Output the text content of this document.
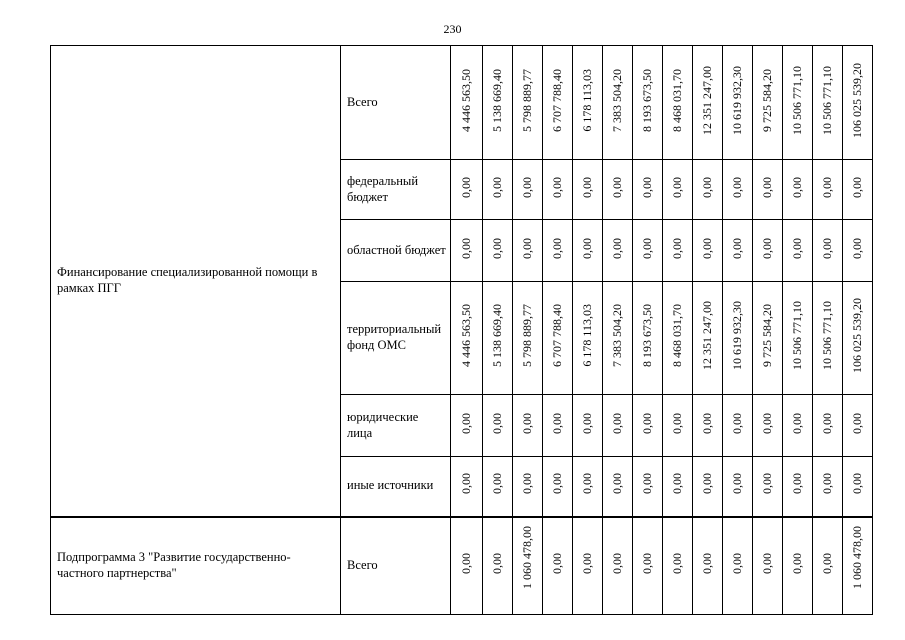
230
Финансирование специализированной помощи в рамках ПГГ	Всего	4 446 563,50	5 138 669,40	5 798 889,77	6 707 788,40	6 178 113,03	7 383 504,20	8 193 673,50	8 468 031,70	12 351 247,00	10 619 932,30	9 725 584,20	10 506 771,10	10 506 771,10	106 025 539,20
	федеральный бюджет	0,00	0,00	0,00	0,00	0,00	0,00	0,00	0,00	0,00	0,00	0,00	0,00	0,00	0,00
	областной бюджет	0,00	0,00	0,00	0,00	0,00	0,00	0,00	0,00	0,00	0,00	0,00	0,00	0,00	0,00
	территориальный фонд ОМС	4 446 563,50	5 138 669,40	5 798 889,77	6 707 788,40	6 178 113,03	7 383 504,20	8 193 673,50	8 468 031,70	12 351 247,00	10 619 932,30	9 725 584,20	10 506 771,10	10 506 771,10	106 025 539,20
	юридические лица	0,00	0,00	0,00	0,00	0,00	0,00	0,00	0,00	0,00	0,00	0,00	0,00	0,00	0,00
	иные источники	0,00	0,00	0,00	0,00	0,00	0,00	0,00	0,00	0,00	0,00	0,00	0,00	0,00	0,00
Подпрограмма 3 "Развитие государственно-частного партнерства"	Всего	0,00	0,00	1 060 478,00	0,00	0,00	0,00	0,00	0,00	0,00	0,00	0,00	0,00	0,00	1 060 478,00
